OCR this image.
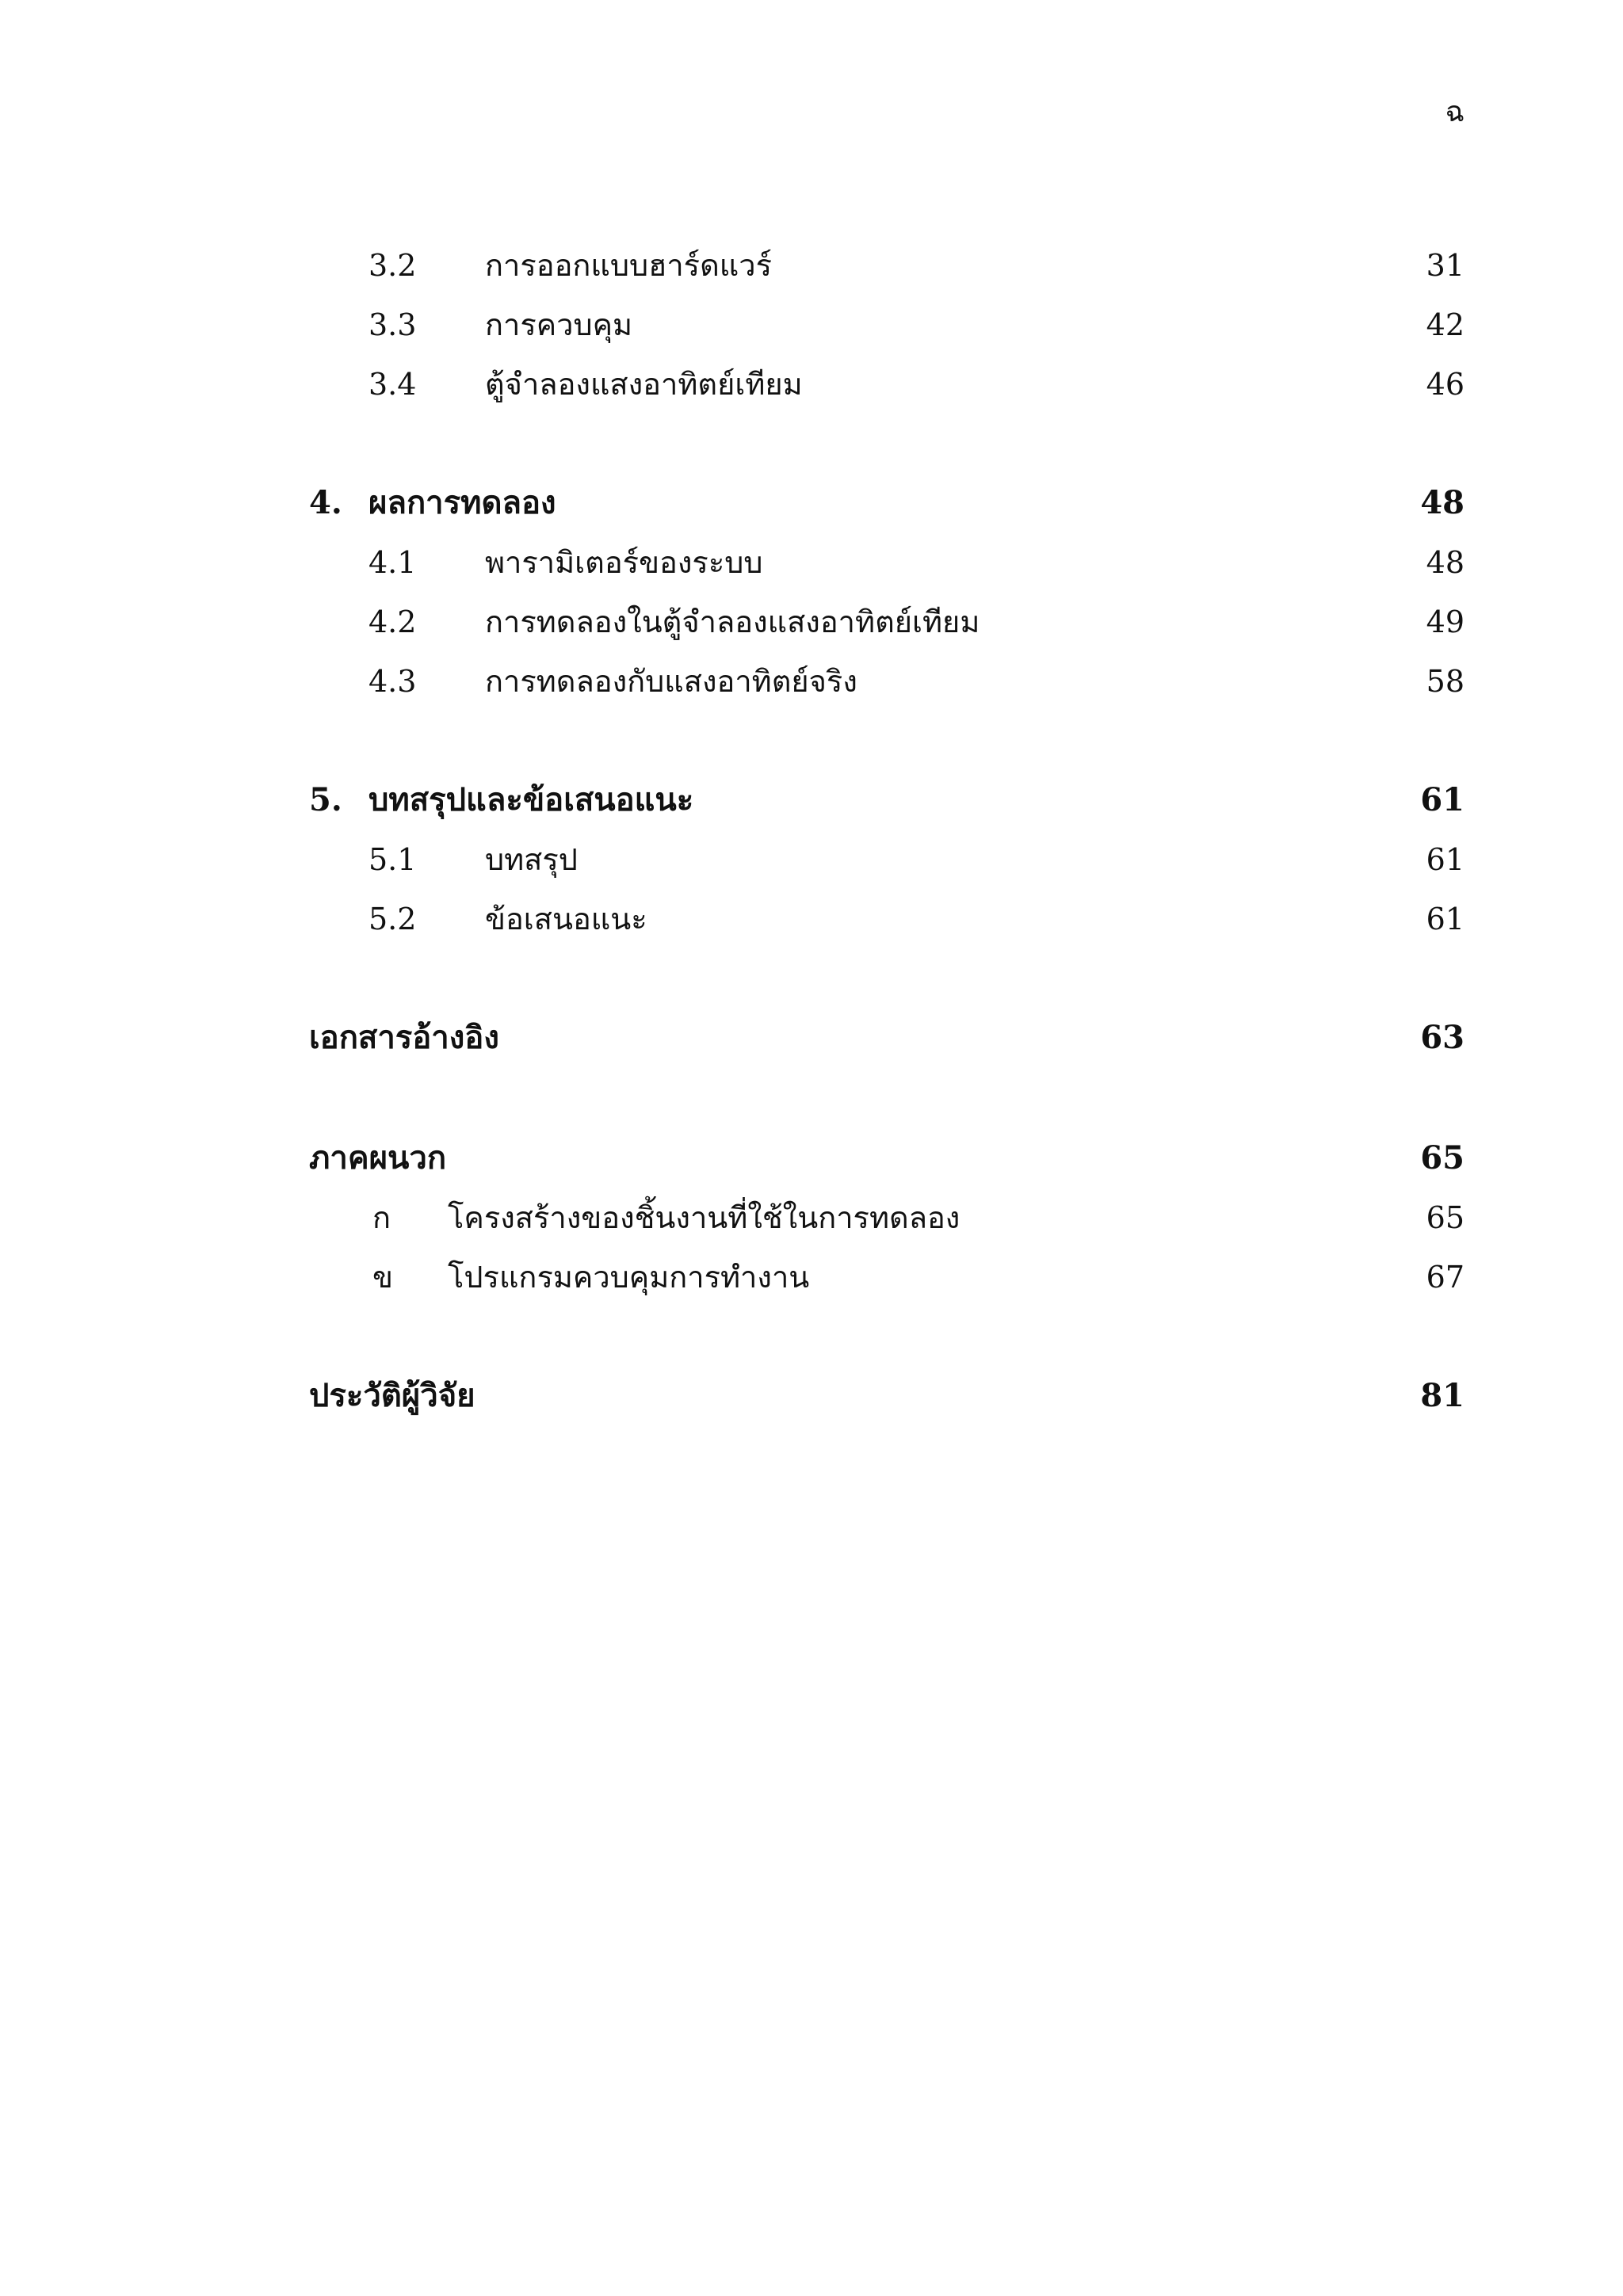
ฉ
3.2 การออกแบบฮาร์ดแวร์	31
3.3 การควบคุม	42
3.4 ตู้จำลองแสงอาทิตย์เทียม	46
4. ผลการทดลอง	48
4.1 พารามิเตอร์ของระบบ	48
4.2 การทดลองในตู้จำลองแสงอาทิตย์เทียม	49
4.3 การทดลองกับแสงอาทิตย์จริง	58
5. บทสรุปและข้อเสนอแนะ	61
5.1 บทสรุป	61
5.2 ข้อเสนอแนะ	61
เอกสารอ้างอิง	63
ภาคผนวก	65
ก โครงสร้างของชิ้นงานที่ใช้ในการทดลอง	65
ข โปรแกรมควบคุมการทำงาน	67
ประวัติผู้วิจัย	81
